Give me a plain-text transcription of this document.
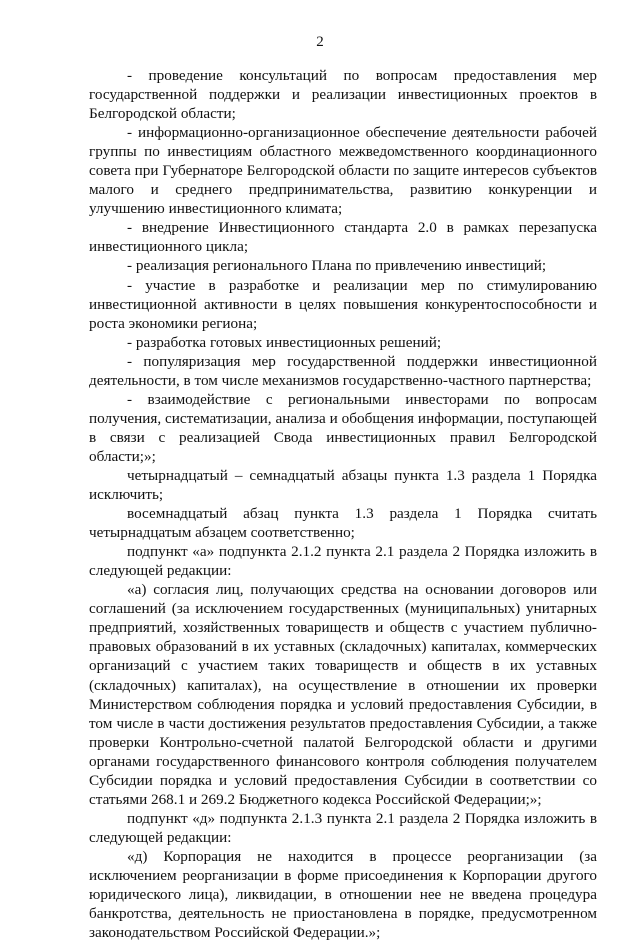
2

- проведение консультаций по вопросам предоставления мер государственной поддержки и реализации инвестиционных проектов в Белгородской области;

- информационно-организационное обеспечение деятельности рабочей группы по инвестициям областного межведомственного координационного совета при Губернаторе Белгородской области по защите интересов субъектов малого и среднего предпринимательства, развитию конкуренции и улучшению инвестиционного климата;

- внедрение Инвестиционного стандарта 2.0 в рамках перезапуска инвестиционного цикла;

- реализация регионального Плана по привлечению инвестиций;

- участие в разработке и реализации мер по стимулированию инвестиционной активности в целях повышения конкурентоспособности и роста экономики региона;

- разработка готовых инвестиционных решений;

- популяризация мер государственной поддержки инвестиционной деятельности, в том числе механизмов государственно-частного партнерства;

- взаимодействие с региональными инвесторами по вопросам получения, систематизации, анализа и обобщения информации, поступающей в связи с реализацией Свода инвестиционных правил Белгородской области;»;

четырнадцатый – семнадцатый абзацы пункта 1.3 раздела 1 Порядка исключить;

восемнадцатый абзац пункта 1.3 раздела 1 Порядка считать четырнадцатым абзацем соответственно;

подпункт «а» подпункта 2.1.2 пункта 2.1 раздела 2 Порядка изложить в следующей редакции:

«а) согласия лиц, получающих средства на основании договоров или соглашений (за исключением государственных (муниципальных) унитарных предприятий, хозяйственных товариществ и обществ с участием публично-правовых образований в их уставных (складочных) капиталах, коммерческих организаций с участием таких товариществ и обществ в их уставных (складочных) капиталах), на осуществление в отношении их проверки Министерством соблюдения порядка и условий предоставления Субсидии, в том числе в части достижения результатов предоставления Субсидии, а также проверки Контрольно-счетной палатой Белгородской области и другими органами государственного финансового контроля соблюдения получателем Субсидии порядка и условий предоставления Субсидии в соответствии со статьями 268.1 и 269.2 Бюджетного кодекса Российской Федерации;»;

подпункт «д» подпункта 2.1.3 пункта 2.1 раздела 2 Порядка изложить в следующей редакции:

«д) Корпорация не находится в процессе реорганизации (за исключением реорганизации в форме присоединения к Корпорации другого юридического лица), ликвидации, в отношении нее не введена процедура банкротства, деятельность не приостановлена в порядке, предусмотренном законодательством Российской Федерации.»;
